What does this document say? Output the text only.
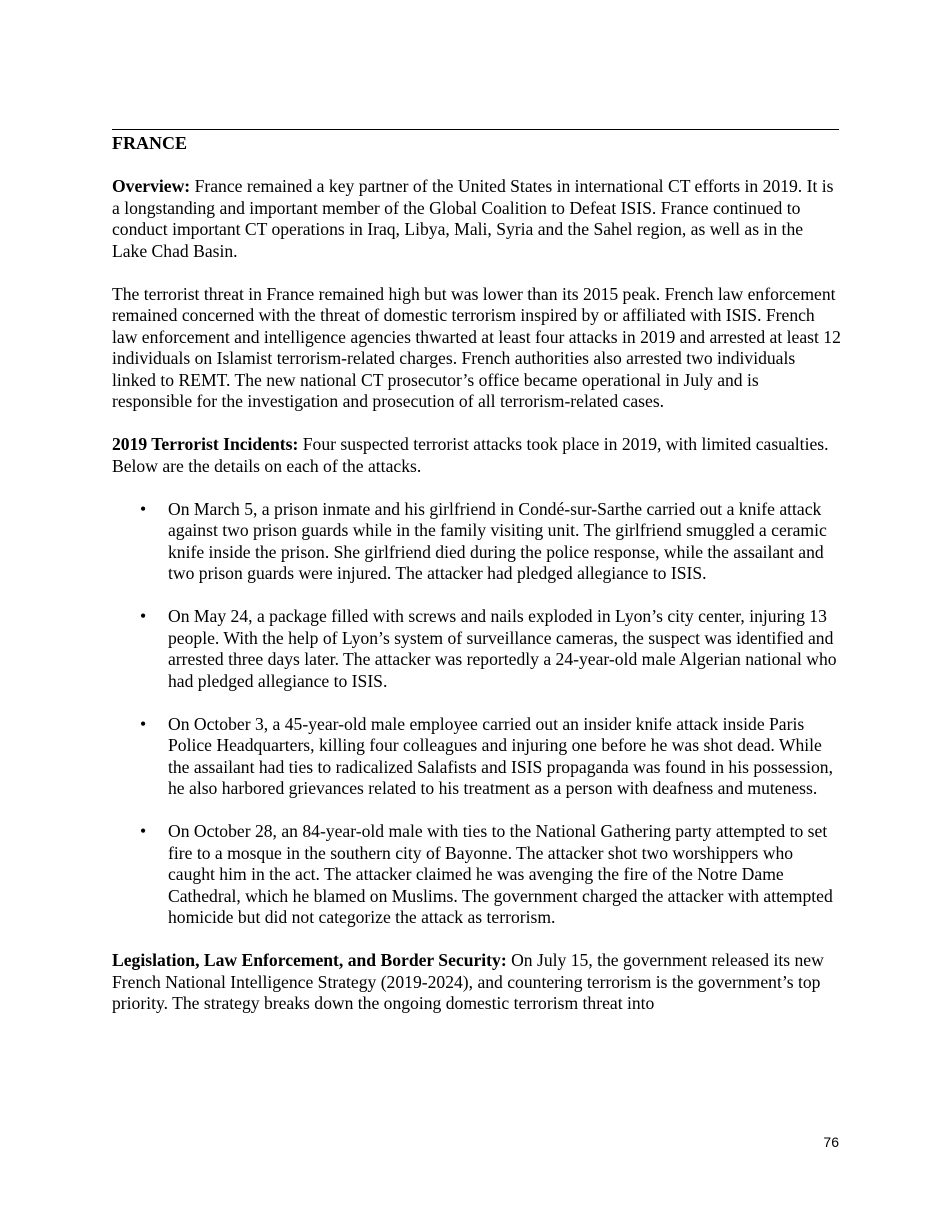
FRANCE

Overview: France remained a key partner of the United States in international CT efforts in 2019. It is a longstanding and important member of the Global Coalition to Defeat ISIS. France continued to conduct important CT operations in Iraq, Libya, Mali, Syria and the Sahel region, as well as in the Lake Chad Basin.

The terrorist threat in France remained high but was lower than its 2015 peak. French law enforcement remained concerned with the threat of domestic terrorism inspired by or affiliated with ISIS. French law enforcement and intelligence agencies thwarted at least four attacks in 2019 and arrested at least 12 individuals on Islamist terrorism-related charges. French authorities also arrested two individuals linked to REMT. The new national CT prosecutor’s office became operational in July and is responsible for the investigation and prosecution of all terrorism-related cases.

2019 Terrorist Incidents: Four suspected terrorist attacks took place in 2019, with limited casualties. Below are the details on each of the attacks.

• On March 5, a prison inmate and his girlfriend in Condé-sur-Sarthe carried out a knife attack against two prison guards while in the family visiting unit. The girlfriend smuggled a ceramic knife inside the prison. She girlfriend died during the police response, while the assailant and two prison guards were injured. The attacker had pledged allegiance to ISIS.
• On May 24, a package filled with screws and nails exploded in Lyon’s city center, injuring 13 people. With the help of Lyon’s system of surveillance cameras, the suspect was identified and arrested three days later. The attacker was reportedly a 24-year-old male Algerian national who had pledged allegiance to ISIS.
• On October 3, a 45-year-old male employee carried out an insider knife attack inside Paris Police Headquarters, killing four colleagues and injuring one before he was shot dead. While the assailant had ties to radicalized Salafists and ISIS propaganda was found in his possession, he also harbored grievances related to his treatment as a person with deafness and muteness.
• On October 28, an 84-year-old male with ties to the National Gathering party attempted to set fire to a mosque in the southern city of Bayonne. The attacker shot two worshippers who caught him in the act. The attacker claimed he was avenging the fire of the Notre Dame Cathedral, which he blamed on Muslims. The government charged the attacker with attempted homicide but did not categorize the attack as terrorism.

Legislation, Law Enforcement, and Border Security: On July 15, the government released its new French National Intelligence Strategy (2019-2024), and countering terrorism is the government’s top priority. The strategy breaks down the ongoing domestic terrorism threat into

76
